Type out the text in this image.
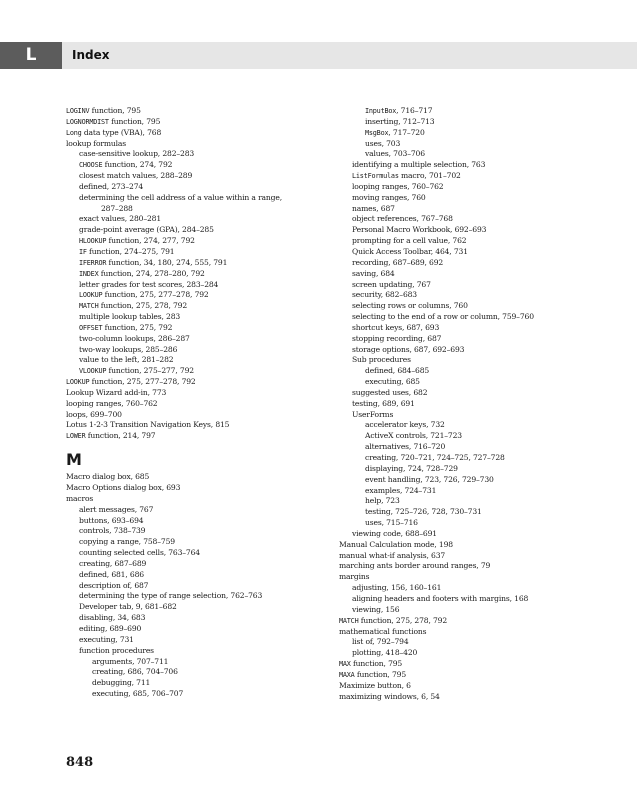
L	Index
LOGINV function, 795
LOGNORMDIST function, 795
Long data type (VBA), 768
lookup formulas
case-sensitive lookup, 282–283
CHOOSE function, 274, 792
closest match values, 288–289
defined, 273–274
determining the cell address of a value within a range,
287–288
exact values, 280–281
grade-point average (GPA), 284–285
HLOOKUP function, 274, 277, 792
IF function, 274–275, 791
IFERROR function, 34, 180, 274, 555, 791
INDEX function, 274, 278–280, 792
letter grades for test scores, 283–284
LOOKUP function, 275, 277–278, 792
MATCH function, 275, 278, 792
multiple lookup tables, 283
OFFSET function, 275, 792
two-column lookups, 286–287
two-way lookups, 285–286
value to the left, 281–282
VLOOKUP function, 275–277, 792
LOOKUP function, 275, 277–278, 792
Lookup Wizard add-in, 773
looping ranges, 760–762
loops, 699–700
Lotus 1-2-3 Transition Navigation Keys, 815
LOWER function, 214, 797
M
Macro dialog box, 685
Macro Options dialog box, 693
macros
alert messages, 767
buttons, 693–694
controls, 738–739
copying a range, 758–759
counting selected cells, 763–764
creating, 687–689
defined, 681, 686
description of, 687
determining the type of range selection, 762–763
Developer tab, 9, 681–682
disabling, 34, 683
editing, 689–690
executing, 731
function procedures
arguments, 707–711
creating, 686, 704–706
debugging, 711
executing, 685, 706–707
InputBox, 716–717
inserting, 712–713
MsgBox, 717–720
uses, 703
values, 703–706
identifying a multiple selection, 763
ListFormulas macro, 701–702
looping ranges, 760–762
moving ranges, 760
names, 687
object references, 767–768
Personal Macro Workbook, 692–693
prompting for a cell value, 762
Quick Access Toolbar, 464, 731
recording, 687–689, 692
saving, 684
screen updating, 767
security, 682–683
selecting rows or columns, 760
selecting to the end of a row or column, 759–760
shortcut keys, 687, 693
stopping recording, 687
storage options, 687, 692–693
Sub procedures
defined, 684–685
executing, 685
suggested uses, 682
testing, 689, 691
UserForms
accelerator keys, 732
ActiveX controls, 721–723
alternatives, 716–720
creating, 720–721, 724–725, 727–728
displaying, 724, 728–729
event handling, 723, 726, 729–730
examples, 724–731
help, 723
testing, 725–726, 728, 730–731
uses, 715–716
viewing code, 688–691
Manual Calculation mode, 198
manual what-if analysis, 637
marching ants border around ranges, 79
margins
adjusting, 156, 160–161
aligning headers and footers with margins, 168
viewing, 156
MATCH function, 275, 278, 792
mathematical functions
list of, 792–794
plotting, 418–420
MAX function, 795
MAXA function, 795
Maximize button, 6
maximizing windows, 6, 54
848
